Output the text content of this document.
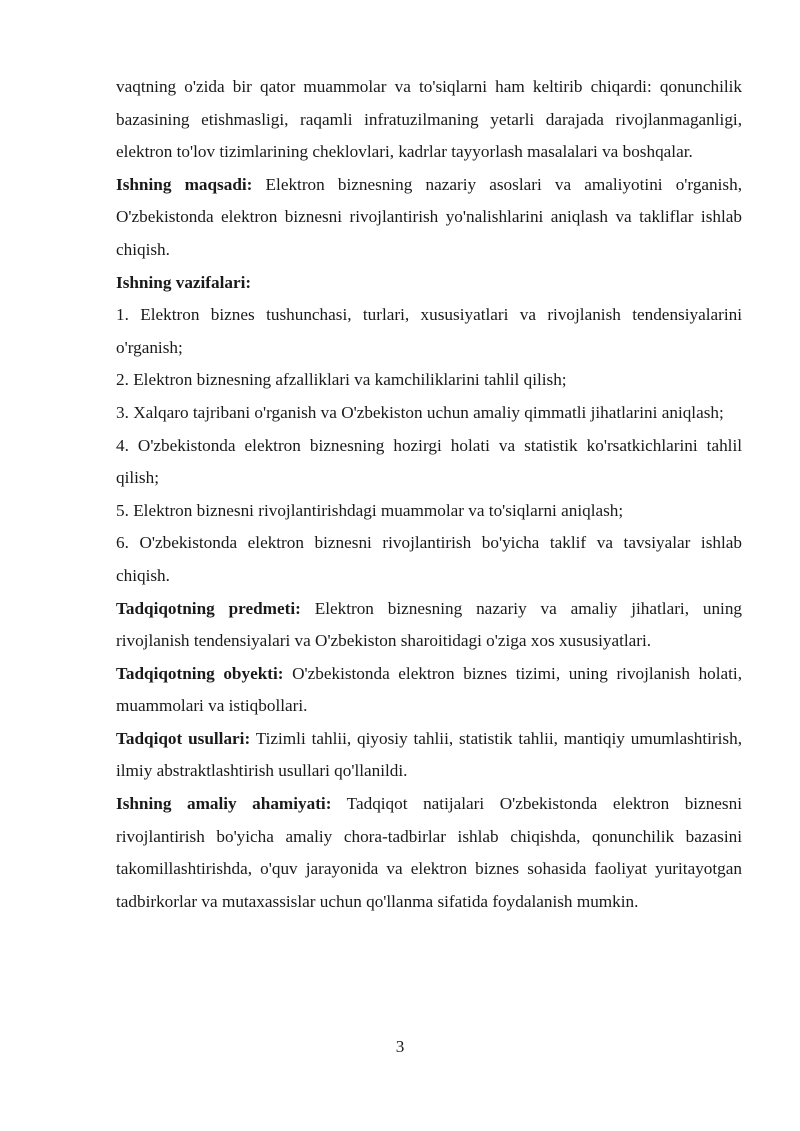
vaqtning o'zida bir qator muammolar va to'siqlarni ham keltirib chiqardi: qonunchilik bazasining etishmasligi, raqamli infratuzilmaning yetarli darajada rivojlanmaganligi, elektron to'lov tizimlarining cheklovlari, kadrlar tayyorlash masalalari va boshqalar.

Ishning maqsadi: Elektron biznesning nazariy asoslari va amaliyotini o'rganish, O'zbekistonda elektron biznesni rivojlantirish yo'nalishlarini aniqlash va takliflar ishlab chiqish.

Ishning vazifalari:

1. Elektron biznes tushunchasi, turlari, xususiyatlari va rivojlanish tendensiyalarini o'rganish;

2. Elektron biznesning afzalliklari va kamchiliklarini tahlil qilish;

3. Xalqaro tajribani o'rganish va O'zbekiston uchun amaliy qimmatli jihatlarini aniqlash;

4. O'zbekistonda elektron biznesning hozirgi holati va statistik ko'rsatkichlarini tahlil qilish;

5. Elektron biznesni rivojlantirishdagi muammolar va to'siqlarni aniqlash;

6. O'zbekistonda elektron biznesni rivojlantirish bo'yicha taklif va tavsiyalar ishlab chiqish.

Tadqiqotning predmeti: Elektron biznesning nazariy va amaliy jihatlari, uning rivojlanish tendensiyalari va O'zbekiston sharoitidagi o'ziga xos xususiyatlari.

Tadqiqotning obyekti: O'zbekistonda elektron biznes tizimi, uning rivojlanish holati, muammolari va istiqbollari.

Tadqiqot usullari: Tizimli tahlii, qiyosiy tahlii, statistik tahlii, mantiqiy umumlashtirish, ilmiy abstraktlashtirish usullari qo'llanildi.

Ishning amaliy ahamiyati: Tadqiqot natijalari O'zbekistonda elektron biznesni rivojlantirish bo'yicha amaliy chora-tadbirlar ishlab chiqishda, qonunchilik bazasini takomillashtirishda, o'quv jarayonida va elektron biznes sohasida faoliyat yuritayotgan tadbirkorlar va mutaxassislar uchun qo'llanma sifatida foydalanish mumkin.

3
